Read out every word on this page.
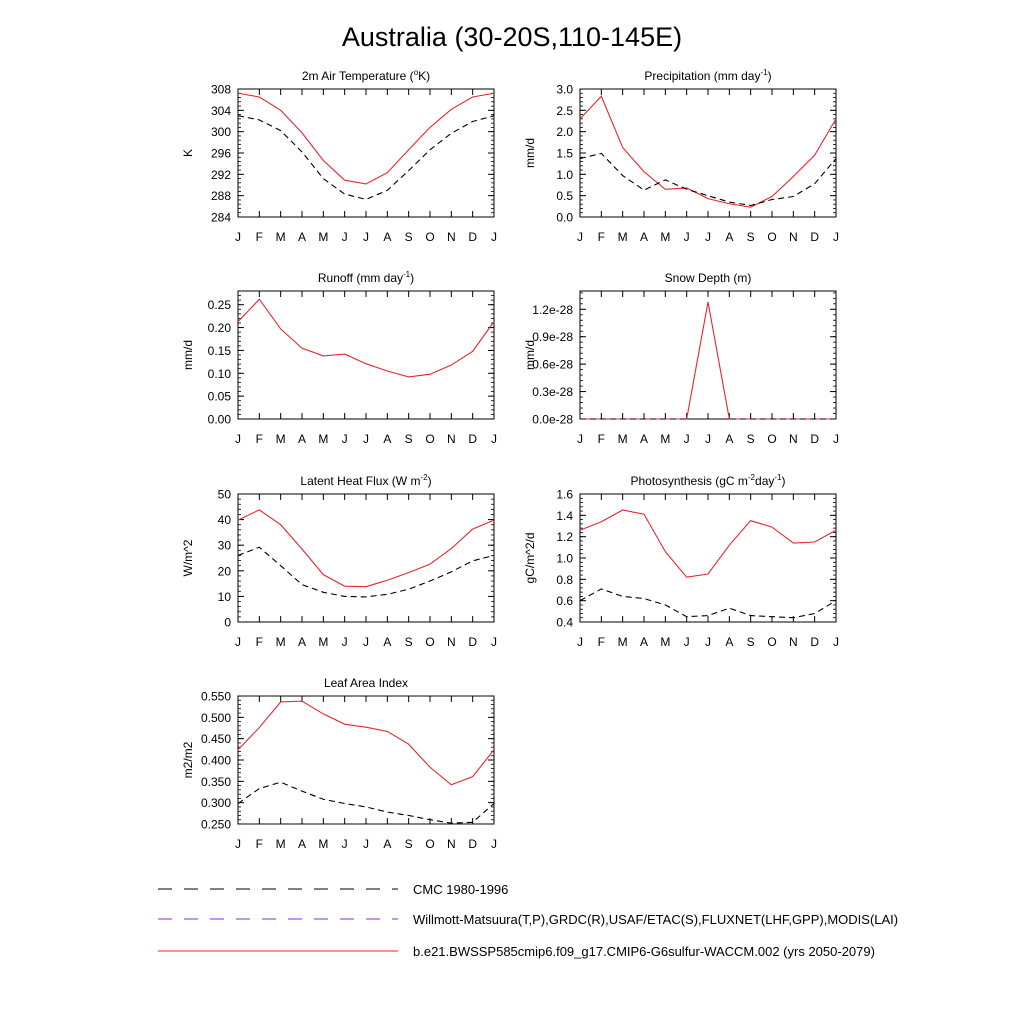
Australia (30-20S,110-145E)
2m Air Temperature ($^o$K)
J F M A M J J A S O N D J
284
288
292
296
300
304
308
K
Precipitation (mm day$^{-1}$)
J F M A M J J A S O N D J
0.0
0.5
1.0
1.5
2.0
2.5
3.0
mm/d
Runoff (mm day$^{-1}$)
J F M A M J J A S O N D J
0.00
0.05
0.10
0.15
0.20
0.25
mm/d
Snow Depth (m)
J F M A M J J A S O N D J
0.0e-28
0.3e-28
0.6e-28
0.9e-28
1.2e-28
mm/d
Latent Heat Flux (W $m^{-2}$)
J F M A M J J A S O N D J
0
10
20
30
40
50
W/m^2
Photosynthesis (gC $m^{-2}day^{-1}$)
J F M A M J J A S O N D J
0.4
0.6
0.8
1.0
1.2
1.4
1.6
gC/m^2/d
Leaf Area Index
J F M A M J J A S O N D J
0.250
0.300
0.350
0.400
0.450
0.500
0.550
m2/m2
CMC 1980-1996
Willmott-Matsuura(T,P),GRDC(R),USAF/ETAC(S),FLUXNET(LHF,GPP),MODIS(LAI)
b.e21.BWSSP585cmip6.f09_g17.CMIP6-G6sulfur-WACCM.002 (yrs 2050-2079)
